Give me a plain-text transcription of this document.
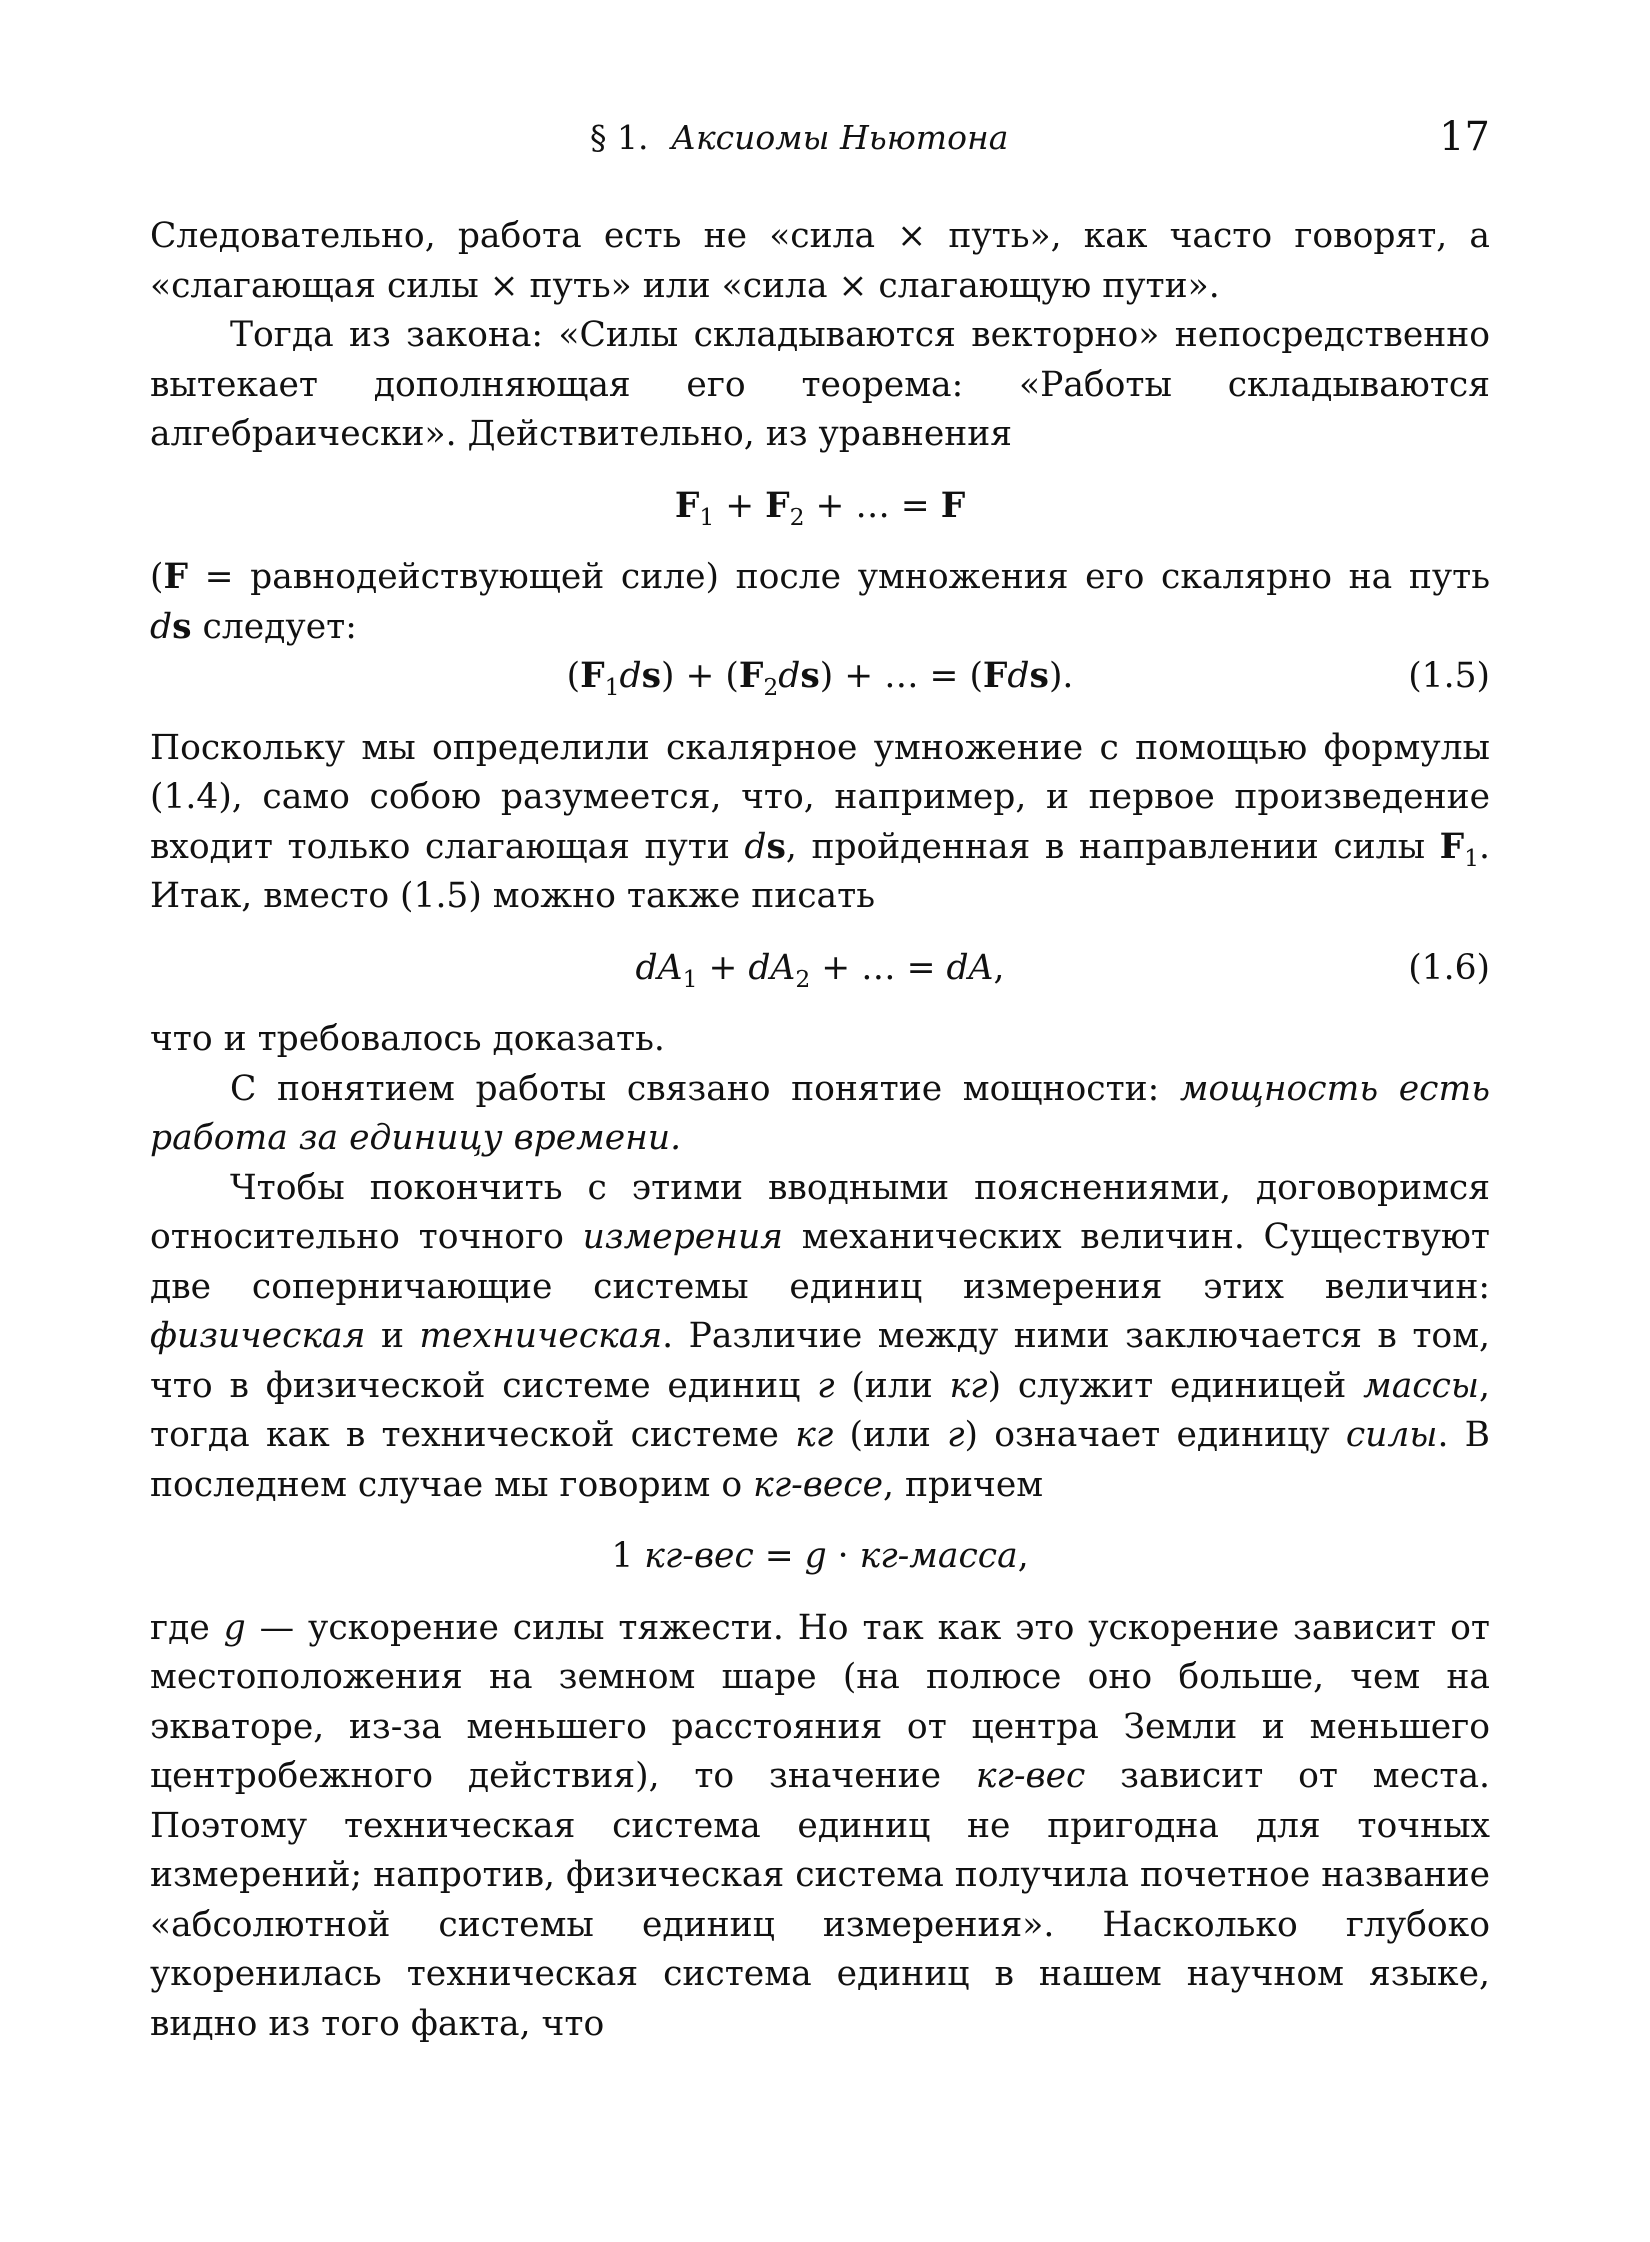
§ 1. Аксиомы Ньютона	17

Следовательно, работа есть не «сила × путь», как часто говорят, а «слагающая силы × путь» или «сила × слагающую пути».

Тогда из закона: «Силы складываются векторно» непосредственно вытекает дополняющая его теорема: «Работы складываются алгебраически». Действительно, из уравнения

$F_1 + F_2$ + … = F

(F = равнодействующей силе) после умножения его скалярно на путь ds следует:

$(F_1ds) + (F_2ds)$ + … = (Fds).	(1.5)

Поскольку мы определили скалярное умножение с помощью формулы (1.4), само собою разумеется, что, например, и первое произведение входит только слагающая пути ds, пройденная в направлении силы $F_1$. Итак, вместо (1.5) можно также писать

$dA_1 + dA_2$ + … = dA,	(1.6)

что и требовалось доказать.

С понятием работы связано понятие мощности: мощность есть работа за единицу времени.

Чтобы покончить с этими вводными пояснениями, договоримся относительно точного измерения механических величин. Существуют две соперничающие системы единиц измерения этих величин: физическая и техническая. Различие между ними заключается в том, что в физической системе единиц г (или кг) служит единицей массы, тогда как в технической системе кг (или г) означает единицу силы. В последнем случае мы говорим о кг-весе, причем

1 кг-вес = g · кг-масса,

где g — ускорение силы тяжести. Но так как это ускорение зависит от местоположения на земном шаре (на полюсе оно больше, чем на экваторе, из-за меньшего расстояния от центра Земли и меньшего центробежного действия), то значение кг-вес зависит от места. Поэтому техническая система единиц не пригодна для точных измерений; напротив, физическая система получила почетное название «абсолютной системы единиц измерения». Насколько глубоко укоренилась техническая система единиц в нашем научном языке, видно из того факта, что
